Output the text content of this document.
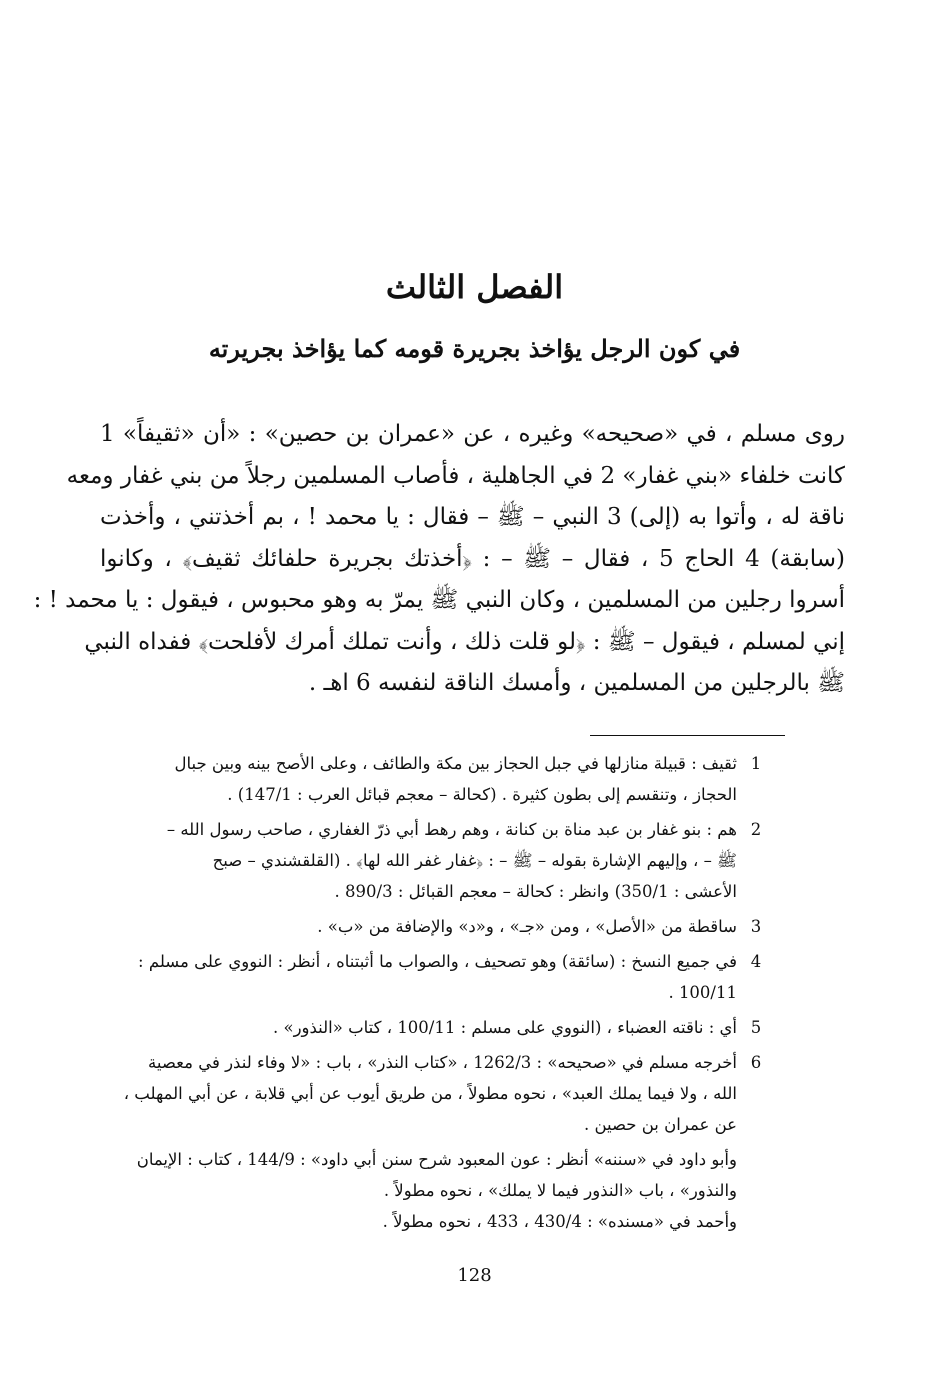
الفصل الثالث
في كون الرجل يؤاخذ بجريرة قومه كما يؤاخذ بجريرته
روى مسلم ، في «صحيحه» وغيره ، عن «عمران بن حصين» : «أن «ثقيفاً» 1
كانت خلفاء «بني غفار» 2 في الجاهلية ، فأصاب المسلمين رجلاً من بني غفار ومعه
ناقة له ، وأتوا به (إلى) 3 النبي – ﷺ – فقال : يا محمد ! ، بم أخذتني ، وأخذت
(سابقة) 4 الحاج 5 ، فقال – ﷺ – : ﴿أخذتك بجريرة حلفائك ثقيف﴾ ، وكانوا
أسروا رجلين من المسلمين ، وكان النبي ﷺ يمرّ به وهو محبوس ، فيقول : يا محمد ! :
إني لمسلم ، فيقول – ﷺ : ﴿لو قلت ذلك ، وأنت تملك أمرك لأفلحت﴾ ففداه النبي
ﷺ بالرجلين من المسلمين ، وأمسك الناقة لنفسه 6 اهـ .
1
ثقيف : قبيلة منازلها في جبل الحجاز بين مكة والطائف ، وعلى الأصح بينه وبين جبال
الحجاز ، وتنقسم إلى بطون كثيرة . (كحالة – معجم قبائل العرب : 147/1) .
2
هم : بنو غفار بن عبد مناة بن كنانة ، وهم رهط أبي ذرّ الغفاري ، صاحب رسول الله –
ﷺ – ، وإليهم الإشارة بقوله – ﷺ – : ﴿غفار غفر الله لها﴾ . (القلقشندي – صبح
الأعشى : 350/1) وانظر : كحالة – معجم القبائل : 890/3 .
3
ساقطة من «الأصل» ، ومن «جـ» ، و«د» والإضافة من «ب» .
4
في جميع النسخ : (سائقة) وهو تصحيف ، والصواب ما أثبتناه ، أنظر : النووي على مسلم :
100/11 .
5
أي : ناقته العضباء ، (النووي على مسلم : 100/11 ، كتاب «النذور» .
6
أخرجه مسلم في «صحيحه» : 1262/3 ، «كتاب النذر» ، باب : «لا وفاء لنذر في معصية
الله ، ولا فيما يملك العبد» ، نحوه مطولاً ، من طريق أيوب عن أبي قلابة ، عن أبي المهلب ،
عن عمران بن حصين .
وأبو داود في «سننه» أنظر : عون المعبود شرح سنن أبي داود» : 144/9 ، كتاب : الإيمان
والنذور» ، باب «النذور فيما لا يملك» ، نحوه مطولاً .
وأحمد في «مسنده» : 430/4 ، 433 ، نحوه مطولاً .
128
